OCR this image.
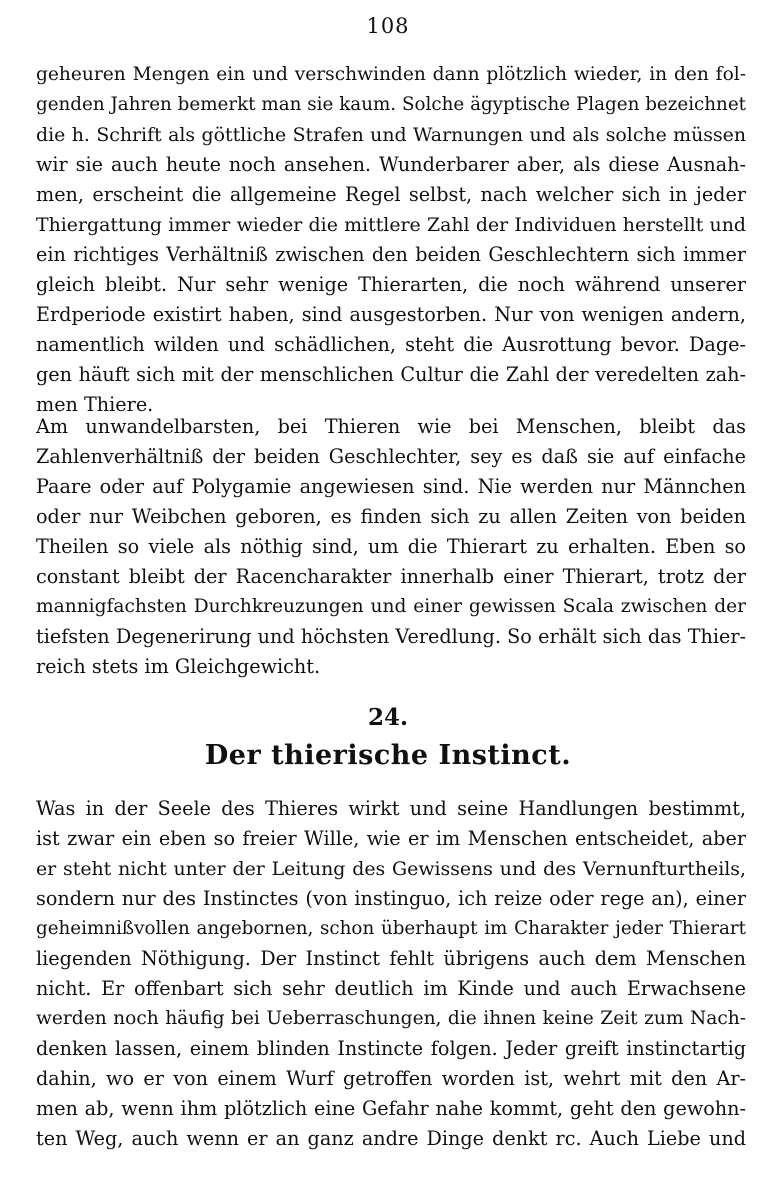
108
geheuren Mengen ein und verschwinden dann plötzlich wieder, in den fol-
genden Jahren bemerkt man sie kaum. Solche ägyptische Plagen bezeichnet
die h. Schrift als göttliche Strafen und Warnungen und als solche müssen
wir sie auch heute noch ansehen. Wunderbarer aber, als diese Ausnah-
men, erscheint die allgemeine Regel selbst, nach welcher sich in jeder
Thiergattung immer wieder die mittlere Zahl der Individuen herstellt und
ein richtiges Verhältniß zwischen den beiden Geschlechtern sich immer
gleich bleibt. Nur sehr wenige Thierarten, die noch während unserer
Erdperiode existirt haben, sind ausgestorben. Nur von wenigen andern,
namentlich wilden und schädlichen, steht die Ausrottung bevor. Dage-
gen häuft sich mit der menschlichen Cultur die Zahl der veredelten zah-
men Thiere.
Am unwandelbarsten, bei Thieren wie bei Menschen, bleibt das
Zahlenverhältniß der beiden Geschlechter, sey es daß sie auf einfache
Paare oder auf Polygamie angewiesen sind. Nie werden nur Männchen
oder nur Weibchen geboren, es finden sich zu allen Zeiten von beiden
Theilen so viele als nöthig sind, um die Thierart zu erhalten. Eben so
constant bleibt der Racencharakter innerhalb einer Thierart, trotz der
mannigfachsten Durchkreuzungen und einer gewissen Scala zwischen der
tiefsten Degenerirung und höchsten Veredlung. So erhält sich das Thier-
reich stets im Gleichgewicht.
24.
Der thierische Instinct.
Was in der Seele des Thieres wirkt und seine Handlungen bestimmt,
ist zwar ein eben so freier Wille, wie er im Menschen entscheidet, aber
er steht nicht unter der Leitung des Gewissens und des Vernunfturtheils,
sondern nur des Instinctes (von instinguo, ich reize oder rege an), einer
geheimnißvollen angebornen, schon überhaupt im Charakter jeder Thierart
liegenden Nöthigung. Der Instinct fehlt übrigens auch dem Menschen
nicht. Er offenbart sich sehr deutlich im Kinde und auch Erwachsene
werden noch häufig bei Ueberraschungen, die ihnen keine Zeit zum Nach-
denken lassen, einem blinden Instincte folgen. Jeder greift instinctartig
dahin, wo er von einem Wurf getroffen worden ist, wehrt mit den Ar-
men ab, wenn ihm plötzlich eine Gefahr nahe kommt, geht den gewohn-
ten Weg, auch wenn er an ganz andre Dinge denkt rc. Auch Liebe und
